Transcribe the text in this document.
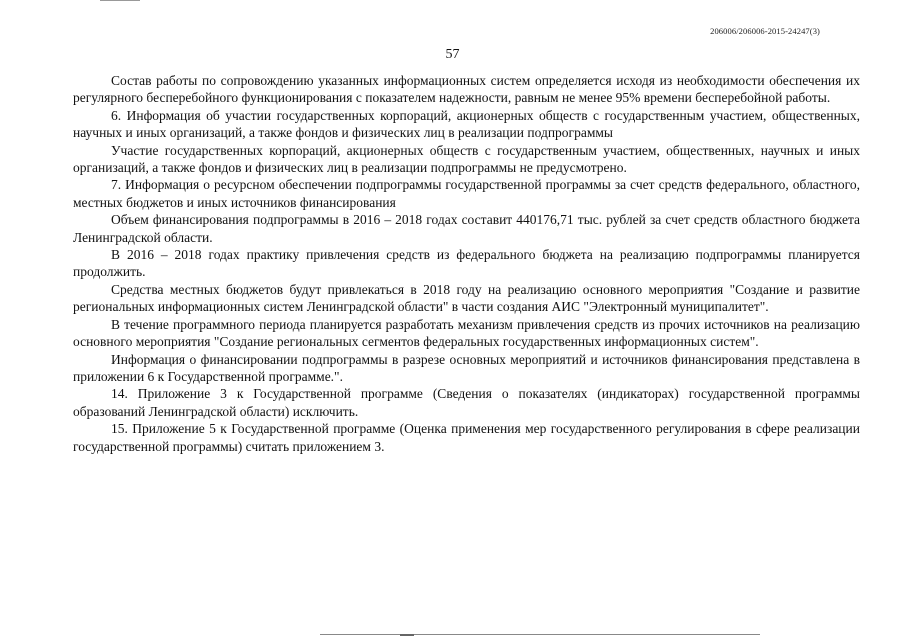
206006/206006-2015-24247(3)
57

Состав работы по сопровождению указанных информационных систем определяется исходя из необходимости обеспечения их регулярного бесперебойного функционирования с показателем надежности, равным не менее 95% времени бесперебойной работы.

6. Информация об участии государственных корпораций, акционерных обществ с государственным участием, общественных, научных и иных организаций, а также фондов и физических лиц в реализации подпрограммы

Участие государственных корпораций, акционерных обществ с государственным участием, общественных, научных и иных организаций, а также фондов и физических лиц в реализации подпрограммы не предусмотрено.

7. Информация о ресурсном обеспечении подпрограммы государственной программы за счет средств федерального, областного, местных бюджетов и иных источников финансирования

Объем финансирования подпрограммы в 2016 – 2018 годах составит 440176,71 тыс. рублей за счет средств областного бюджета Ленинградской области.

В 2016 – 2018 годах практику привлечения средств из федерального бюджета на реализацию подпрограммы планируется продолжить.

Средства местных бюджетов будут привлекаться в 2018 году на реализацию основного мероприятия "Создание и развитие региональных информационных систем Ленинградской области" в части создания АИС "Электронный муниципалитет".

В течение программного периода планируется разработать механизм привлечения средств из прочих источников на реализацию основного мероприятия "Создание региональных сегментов федеральных государственных информационных систем".

Информация о финансировании подпрограммы в разрезе основных мероприятий и источников финансирования представлена в приложении 6 к Государственной программе.".

14. Приложение 3 к Государственной программе (Сведения о показателях (индикаторах) государственной программы образований Ленинградской области) исключить.

15. Приложение 5 к Государственной программе (Оценка применения мер государственного регулирования в сфере реализации государственной программы) считать приложением 3.
